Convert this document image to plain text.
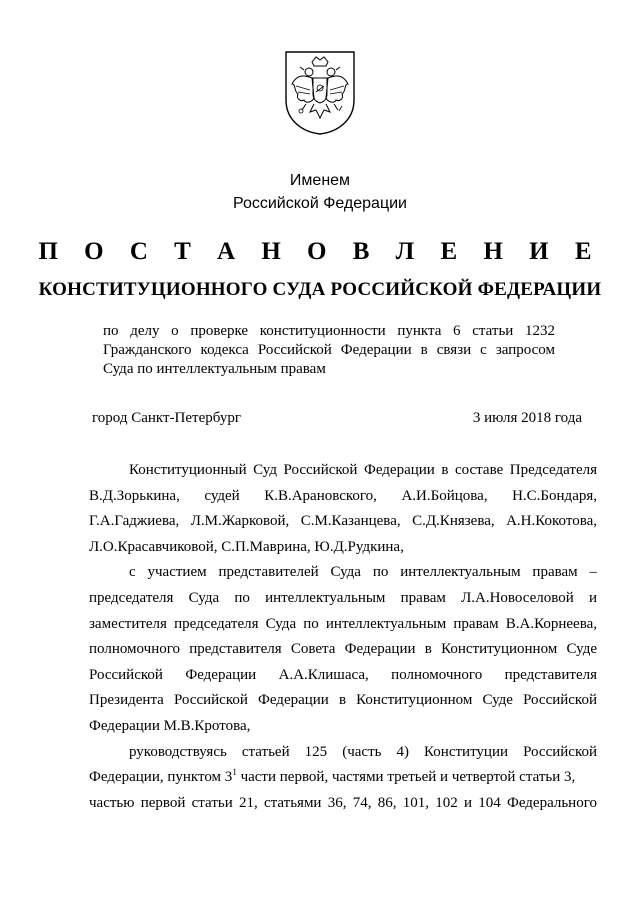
Именем
Российской Федерации
П О С Т А Н О В Л Е Н И Е
КОНСТИТУЦИОННОГО СУДА РОССИЙСКОЙ ФЕДЕРАЦИИ
по делу о проверке конституционности пункта 6 статьи 1232
Гражданского кодекса Российской Федерации в связи с запросом
Суда по интеллектуальным правам
город Санкт-Петербург	3 июля 2018 года
Конституционный Суд Российской Федерации в составе Председателя
В.Д.Зорькина, судей К.В.Арановского, А.И.Бойцова, Н.С.Бондаря,
Г.А.Гаджиева, Л.М.Жарковой, С.М.Казанцева, С.Д.Князева, А.Н.Кокотова,
Л.О.Красавчиковой, С.П.Маврина, Ю.Д.Рудкина,
с участием представителей Суда по интеллектуальным правам –
председателя Суда по интеллектуальным правам Л.А.Новоселовой и
заместителя председателя Суда по интеллектуальным правам В.А.Корнеева,
полномочного представителя Совета Федерации в Конституционном Суде
Российской Федерации А.А.Клишаса, полномочного представителя
Президента Российской Федерации в Конституционном Суде Российской
Федерации М.В.Кротова,
руководствуясь статьей 125 (часть 4) Конституции Российской
Федерации, пунктом $3^1$ части первой, частями третьей и четвертой статьи 3,
частью первой статьи 21, статьями 36, 74, 86, 101, 102 и 104 Федерального
